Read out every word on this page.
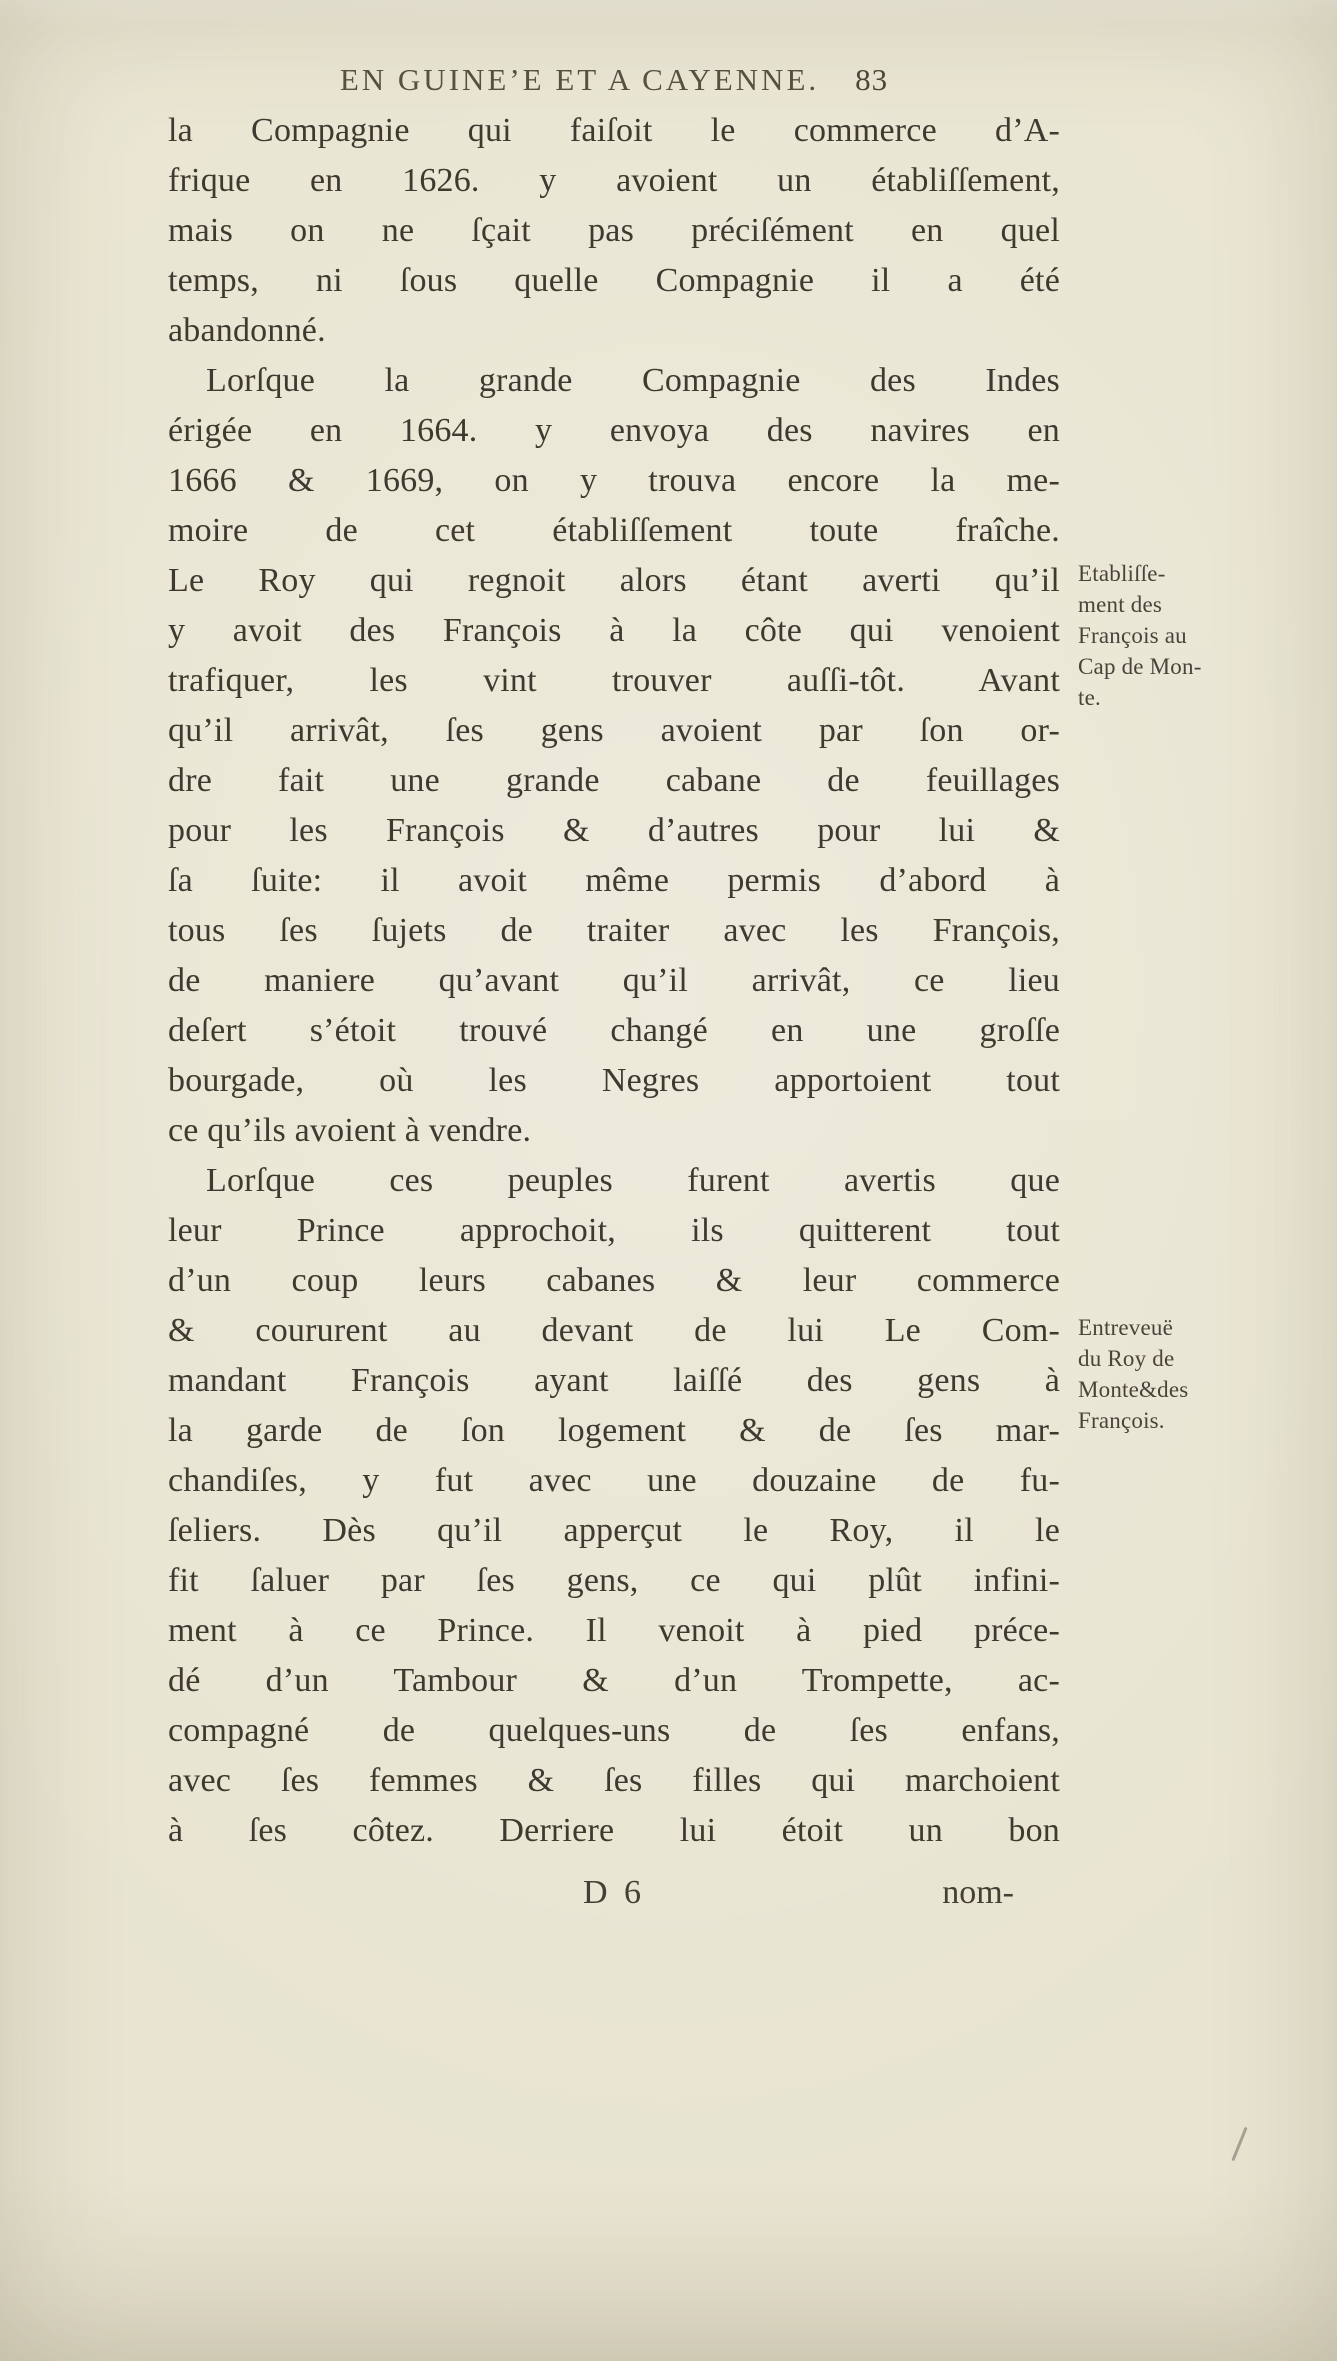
EN GUINE’E ET A CAYENNE. 83
la Compagnie qui faiſoit le commerce d’A-
frique en 1626. y avoient un établiſſement,
mais on ne ſçait pas préciſément en quel
temps, ni ſous quelle Compagnie il a été
abandonné.
Lorſque la grande Compagnie des Indes
érigée en 1664. y envoya des navires en
1666 & 1669, on y trouva encore la me-
moire de cet établiſſement toute fraîche.
Le Roy qui regnoit alors étant averti qu’il
y avoit des François à la côte qui venoient
trafiquer, les vint trouver auſſi-tôt. Avant
qu’il arrivât, ſes gens avoient par ſon or-
dre fait une grande cabane de feuillages
pour les François & d’autres pour lui &
ſa ſuite: il avoit même permis d’abord à
tous ſes ſujets de traiter avec les François,
de maniere qu’avant qu’il arrivât, ce lieu
deſert s’étoit trouvé changé en une groſſe
bourgade, où les Negres apportoient tout
ce qu’ils avoient à vendre.
Lorſque ces peuples furent avertis que
leur Prince approchoit, ils quitterent tout
d’un coup leurs cabanes & leur commerce
& coururent au devant de lui Le Com-
mandant François ayant laiſſé des gens à
la garde de ſon logement & de ſes mar-
chandiſes, y fut avec une douzaine de fu-
ſeliers. Dès qu’il apperçut le Roy, il le
fit ſaluer par ſes gens, ce qui plût infini-
ment à ce Prince. Il venoit à pied préce-
dé d’un Tambour & d’un Trompette, ac-
compagné de quelques-uns de ſes enfans,
avec ſes femmes & ſes filles qui marchoient
à ſes côtez. Derriere lui étoit un bon
Etabliſſe-
ment des
François au
Cap de Mon-
te.
Entreveuë
du Roy de
Monte&des
François.
D 6	nom-
